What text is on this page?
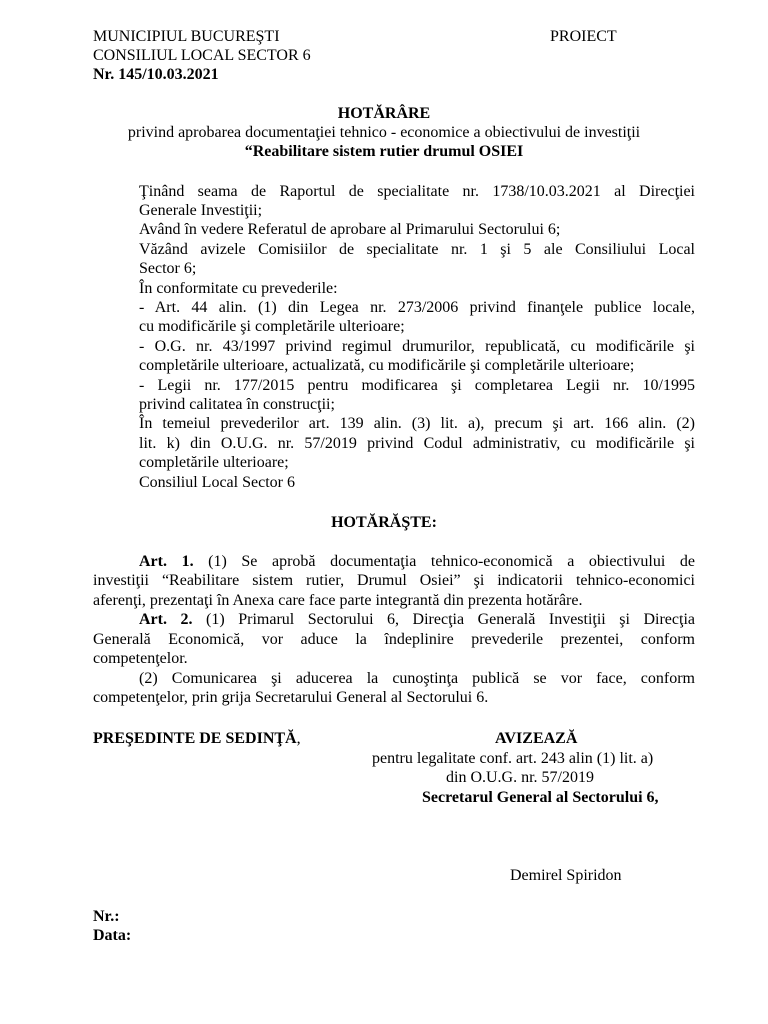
MUNICIPIUL BUCUREŞTI	PROIECT
CONSILIUL LOCAL SECTOR 6
Nr. 145/10.03.2021
HOTĂRÂRE
privind aprobarea documentaţiei tehnico - economice a obiectivului de investiţii
“Reabilitare sistem rutier drumul OSIEI
Ţinând seama de Raportul de specialitate nr. 1738/10.03.2021 al Direcţiei
Generale Investiţii;
Având în vedere Referatul de aprobare al Primarului Sectorului 6;
Văzând avizele Comisiilor de specialitate nr. 1 şi 5 ale Consiliului Local
Sector 6;
În conformitate cu prevederile:
- Art. 44 alin. (1) din Legea nr. 273/2006 privind finanţele publice locale,
cu modificările şi completările ulterioare;
- O.G. nr. 43/1997 privind regimul drumurilor, republicată, cu modificările şi
completările ulterioare, actualizată, cu modificările şi completările ulterioare;
- Legii nr. 177/2015 pentru modificarea şi completarea Legii nr. 10/1995
privind calitatea în construcţii;
În temeiul prevederilor art. 139 alin. (3) lit. a), precum şi art. 166 alin. (2)
lit. k) din O.U.G. nr. 57/2019 privind Codul administrativ, cu modificările şi
completările ulterioare;
Consiliul Local Sector 6
HOTĂRĂŞTE:
Art. 1. (1) Se aprobă documentaţia tehnico-economică a obiectivului de
investiţii “Reabilitare sistem rutier, Drumul Osiei” şi indicatorii tehnico-economici
aferenţi, prezentaţi în Anexa care face parte integrantă din prezenta hotărâre.
Art. 2. (1) Primarul Sectorului 6, Direcţia Generală Investiţii şi Direcţia
Generală Economică, vor aduce la îndeplinire prevederile prezentei, conform
competenţelor.
(2) Comunicarea şi aducerea la cunoştinţa publică se vor face, conform
competenţelor, prin grija Secretarului General al Sectorului 6.
PREŞEDINTE DE SEDINŢĂ,	AVIZEAZĂ
pentru legalitate conf. art. 243 alin (1) lit. a)
din O.U.G. nr. 57/2019
Secretarul General al Sectorului 6,
Demirel Spiridon
Nr.:
Data:
